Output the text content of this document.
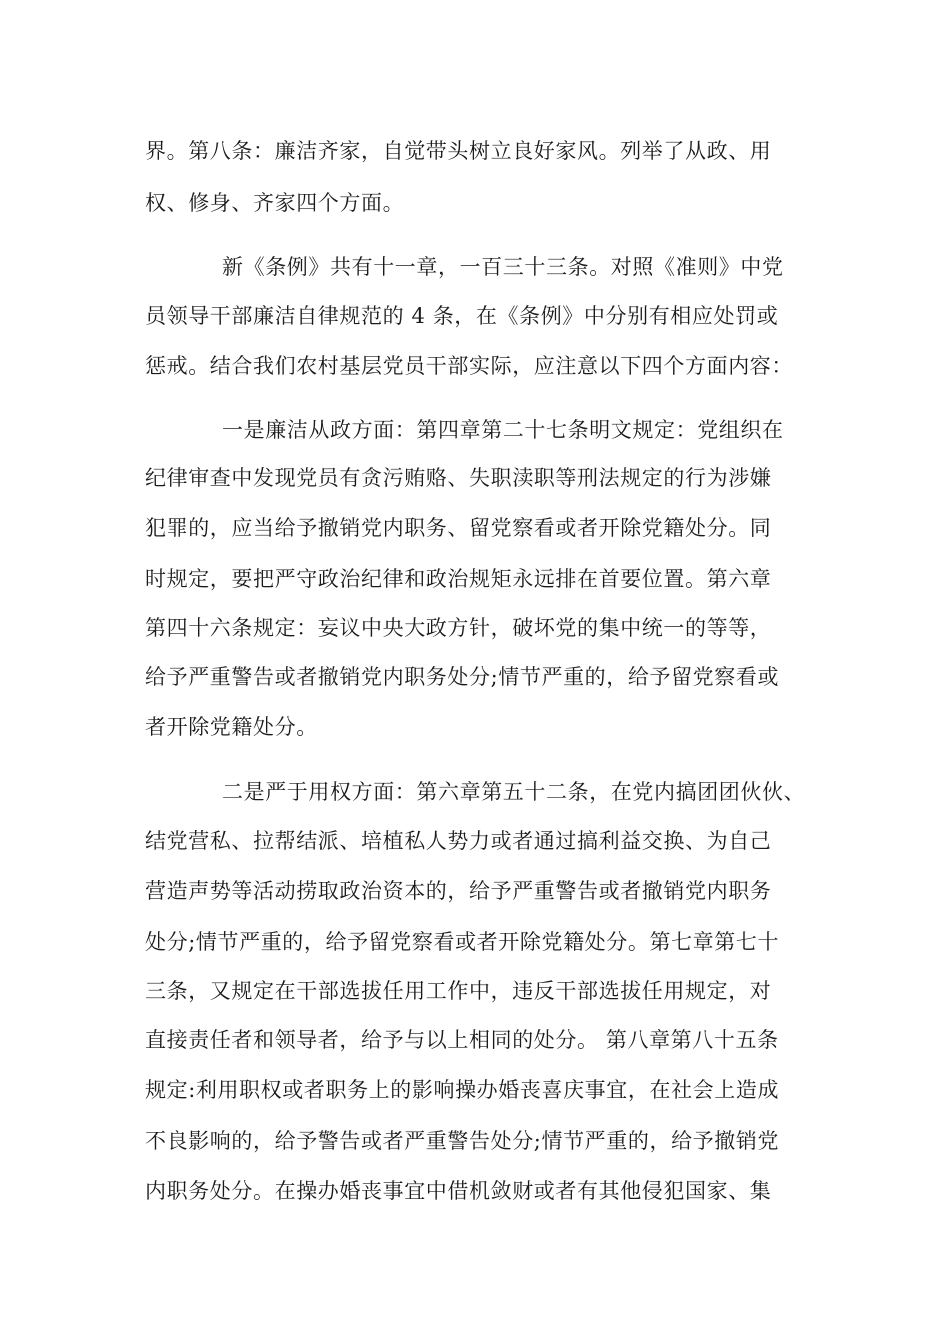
界。第八条：廉洁齐家，自觉带头树立良好家风。列举了从政、用
权、修身、齐家四个方面。
新《条例》共有十一章，一百三十三条。对照《准则》中党
员领导干部廉洁自律规范的 4 条，在《条例》中分别有相应处罚或
惩戒。结合我们农村基层党员干部实际，应注意以下四个方面内容：
一是廉洁从政方面：第四章第二十七条明文规定：党组织在
纪律审查中发现党员有贪污贿赂、失职渎职等刑法规定的行为涉嫌
犯罪的，应当给予撤销党内职务、留党察看或者开除党籍处分。同
时规定，要把严守政治纪律和政治规矩永远排在首要位置。第六章
第四十六条规定：妄议中央大政方针，破坏党的集中统一的等等，
给予严重警告或者撤销党内职务处分;情节严重的，给予留党察看或
者开除党籍处分。
二是严于用权方面：第六章第五十二条，在党内搞团团伙伙、
结党营私、拉帮结派、培植私人势力或者通过搞利益交换、为自己
营造声势等活动捞取政治资本的，给予严重警告或者撤销党内职务
处分;情节严重的，给予留党察看或者开除党籍处分。第七章第七十
三条，又规定在干部选拔任用工作中，违反干部选拔任用规定，对
直接责任者和领导者，给予与以上相同的处分。 第八章第八十五条
规定:利用职权或者职务上的影响操办婚丧喜庆事宜，在社会上造成
不良影响的，给予警告或者严重警告处分;情节严重的，给予撤销党
内职务处分。在操办婚丧事宜中借机敛财或者有其他侵犯国家、集
